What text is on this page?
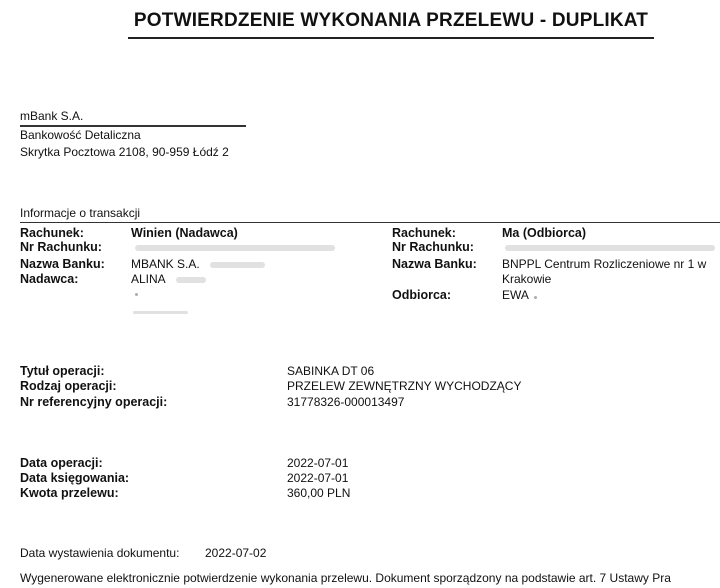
POTWIERDZENIE WYKONANIA PRZELEWU - DUPLIKAT
mBank S.A.
Bankowość Detaliczna
Skrytka Pocztowa 2108, 90-959 Łódź 2
Informacje o transakcji
Rachunek:	Winien (Nadawca)
Nr Rachunku:
Nazwa Banku: MBANK S.A.
Nadawca:	ALINA
Rachunek:	Ma (Odbiorca)
Nr Rachunku:
Nazwa Banku: BNPPL Centrum Rozliczeniowe nr 1 w
Krakowie
Odbiorca:	EWA
Tytuł operacji:	SABINKA DT 06
Rodzaj operacji:	PRZELEW ZEWNĘTRZNY WYCHODZĄCY
Nr referencyjny operacji:	31778326-000013497
Data operacji:	2022-07-01
Data księgowania:	2022-07-01
Kwota przelewu:	360,00 PLN
Data wystawienia dokumentu: 2022-07-02
Wygenerowane elektronicznie potwierdzenie wykonania przelewu. Dokument sporządzony na podstawie art. 7 Ustawy Pra
